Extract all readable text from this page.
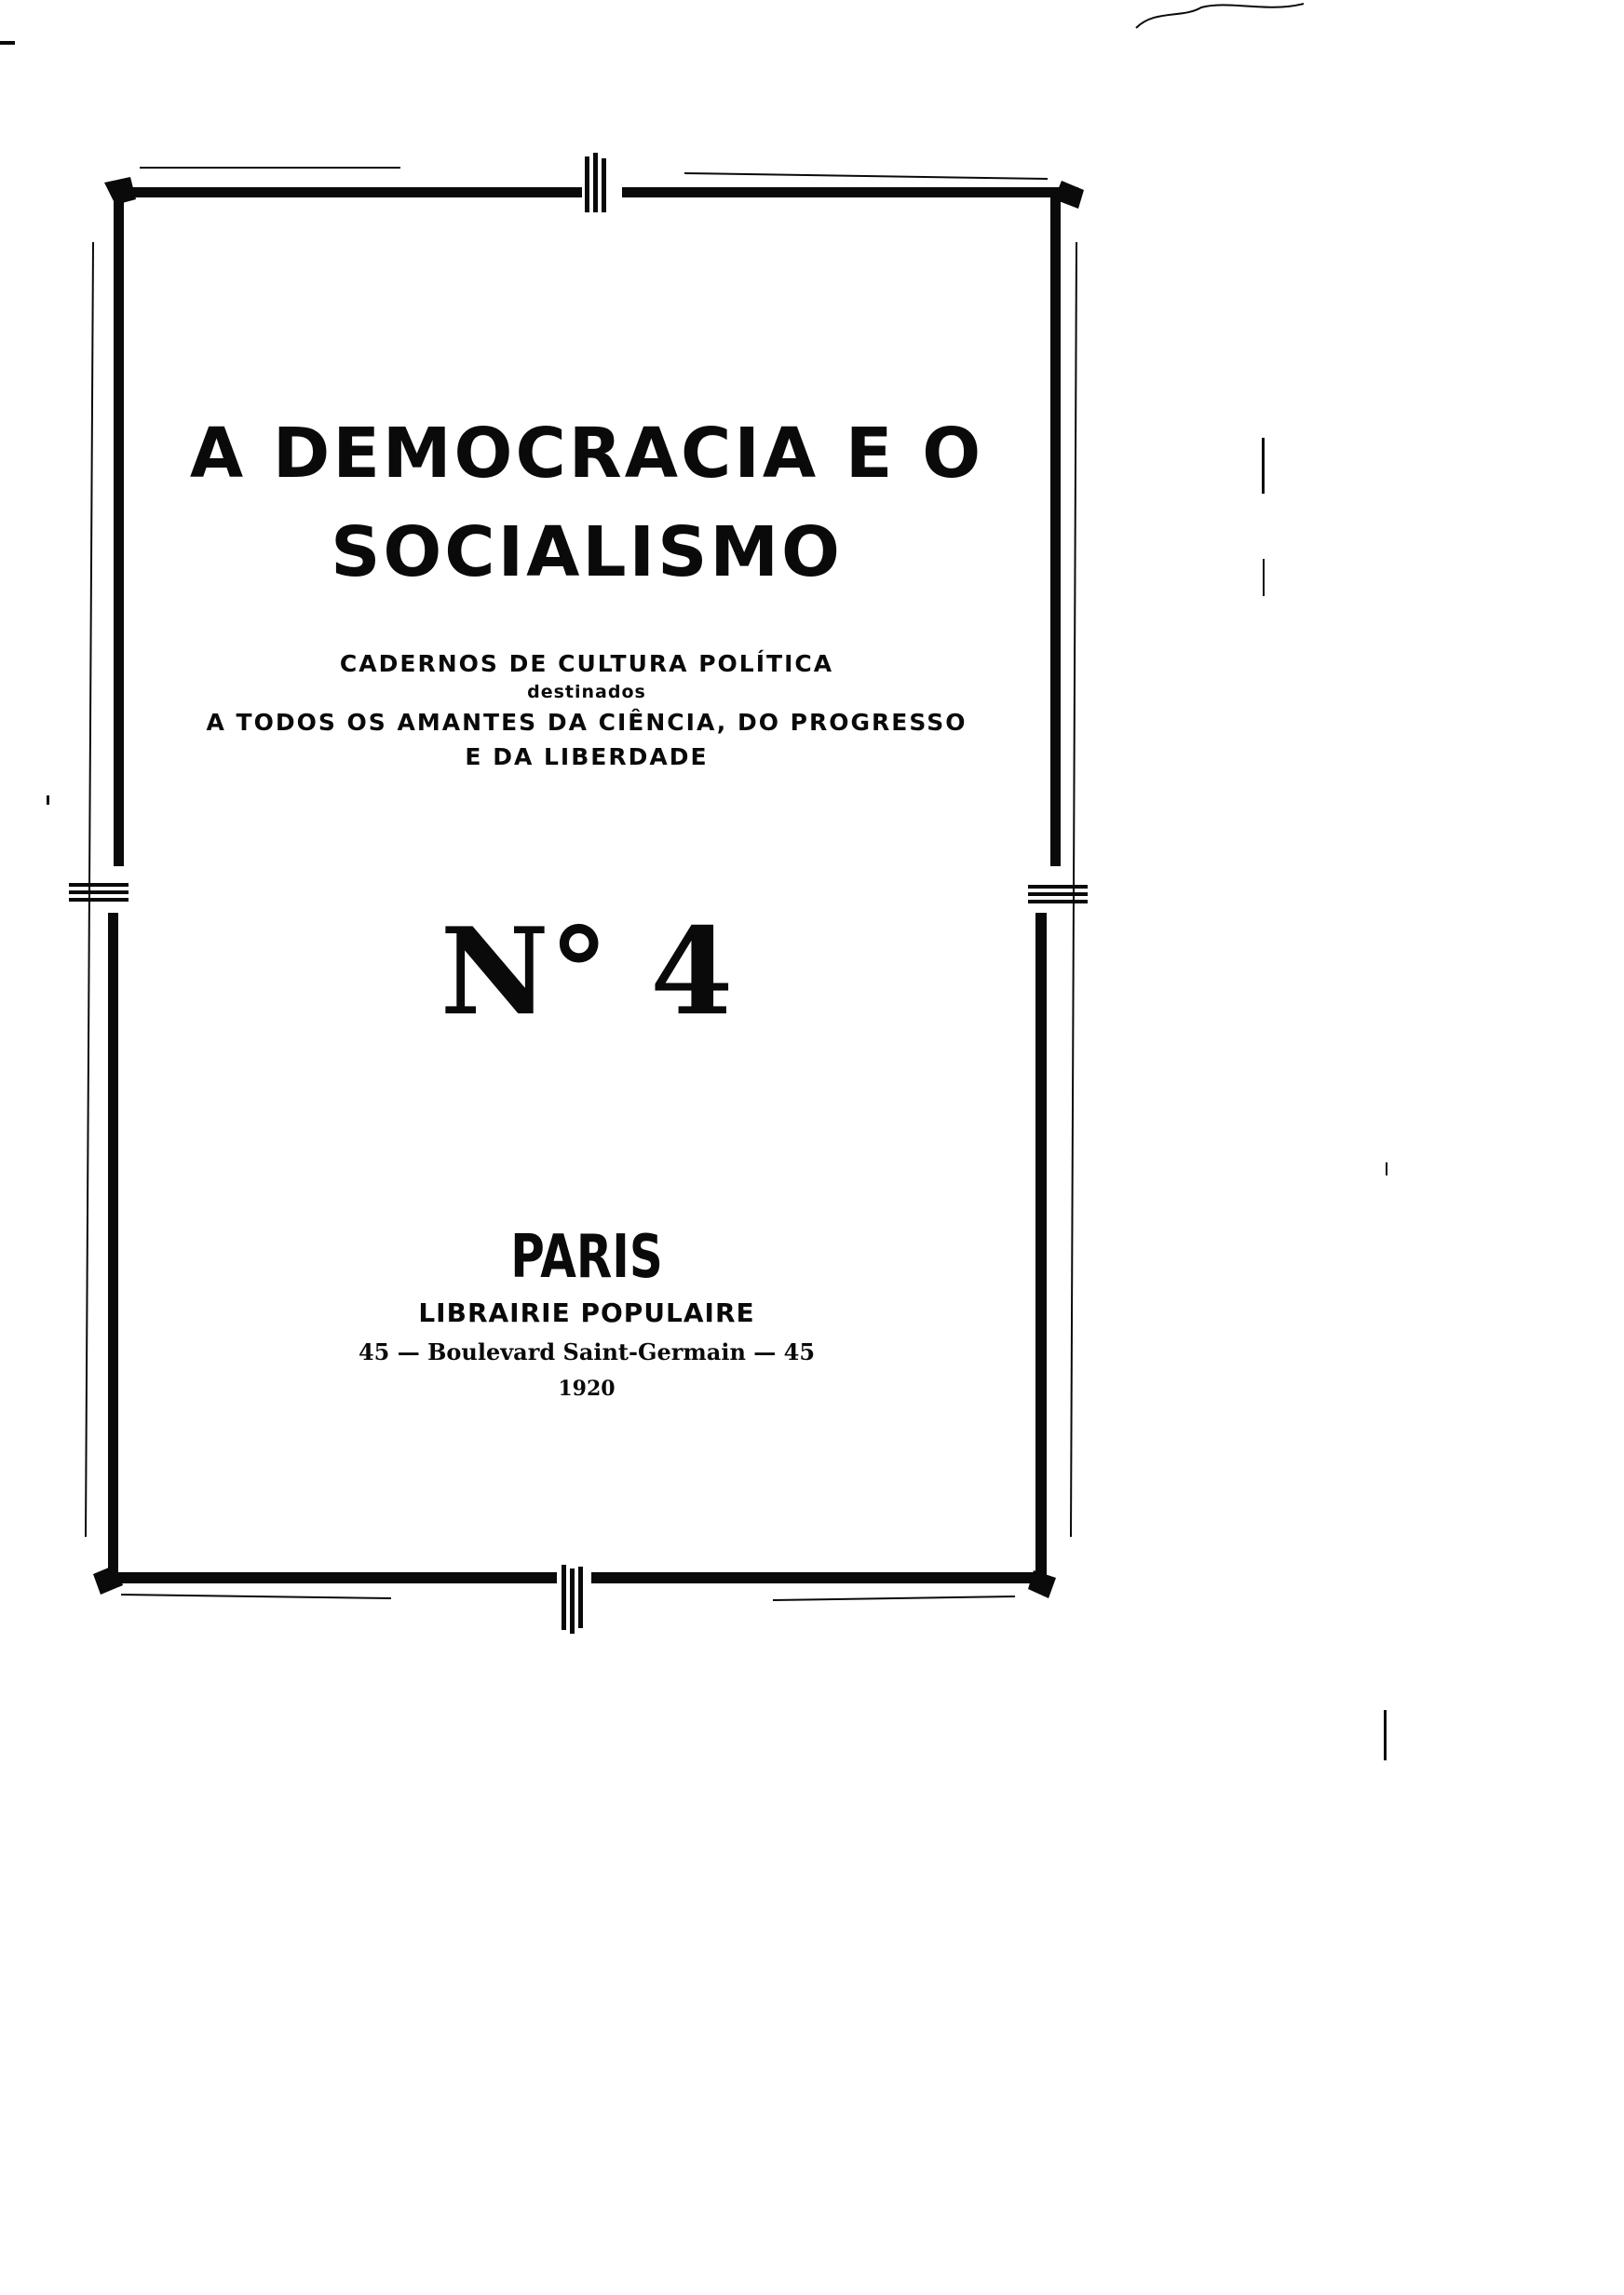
A DEMOCRACIA E O
SOCIALISMO
CADERNOS DE CULTURA POLÍTICA
destinados
A TODOS OS AMANTES DA CIÊNCIA, DO PROGRESSO
E DA LIBERDADE
N° 4
PARIS
LIBRAIRIE POPULAIRE
45 — Boulevard Saint-Germain — 45
1920
